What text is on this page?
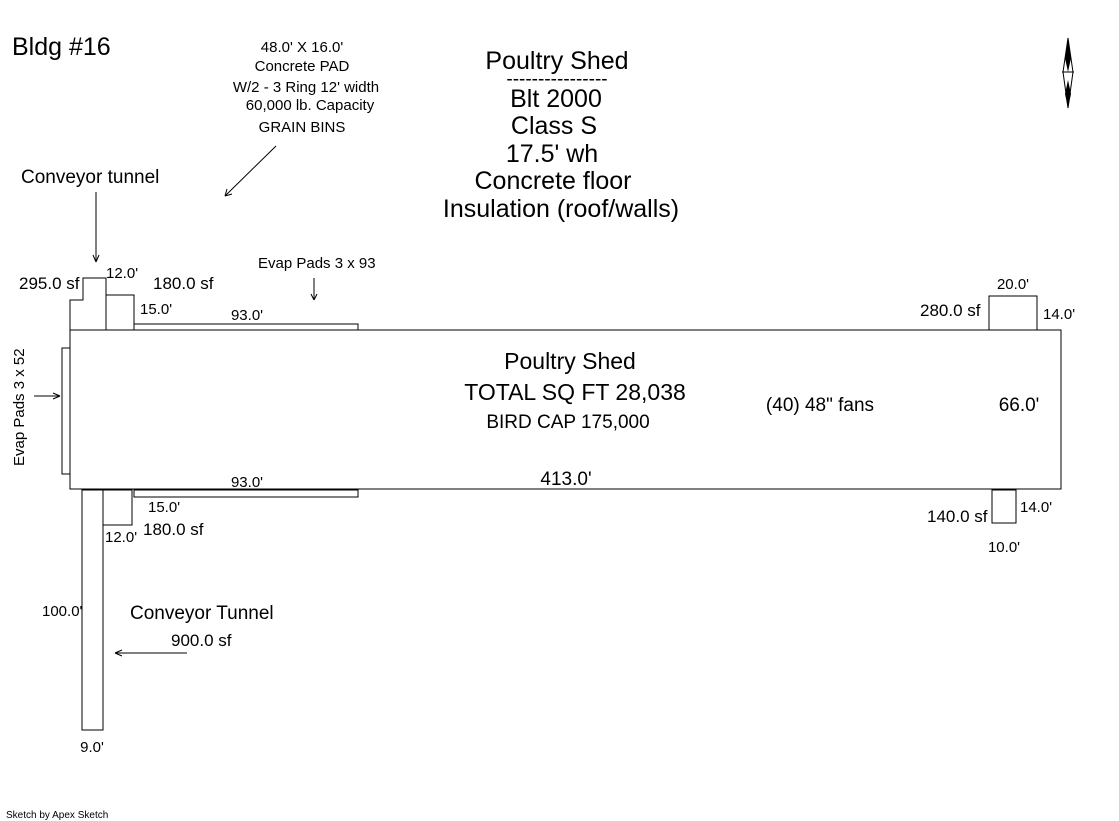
Bldg #16	48.0' X 16.0'
Concrete PAD
W/2 - 3 Ring 12' width
60,000 lb. Capacity
GRAIN BINS
Poultry Shed
----------------
Blt 2000
Class S
17.5' wh
Concrete floor
Insulation (roof/walls)
Conveyor tunnel
Evap Pads 3 x 93
Evap Pads 3 x 52	Poultry Shed
TOTAL SQ FT 28,038
BIRD CAP 175,000
(40) 48" fans	66.0'
413.0'
295.0 sf
12.0'
180.0 sf
15.0'	93.0'	280.0 sf
20.0'
14.0'
93.0'
15.0'
12.0' 180.0 sf
140.0 sf 14.0'
10.0'
100.0'	Conveyor Tunnel
900.0 sf
9.0'
Sketch by Apex Sketch
